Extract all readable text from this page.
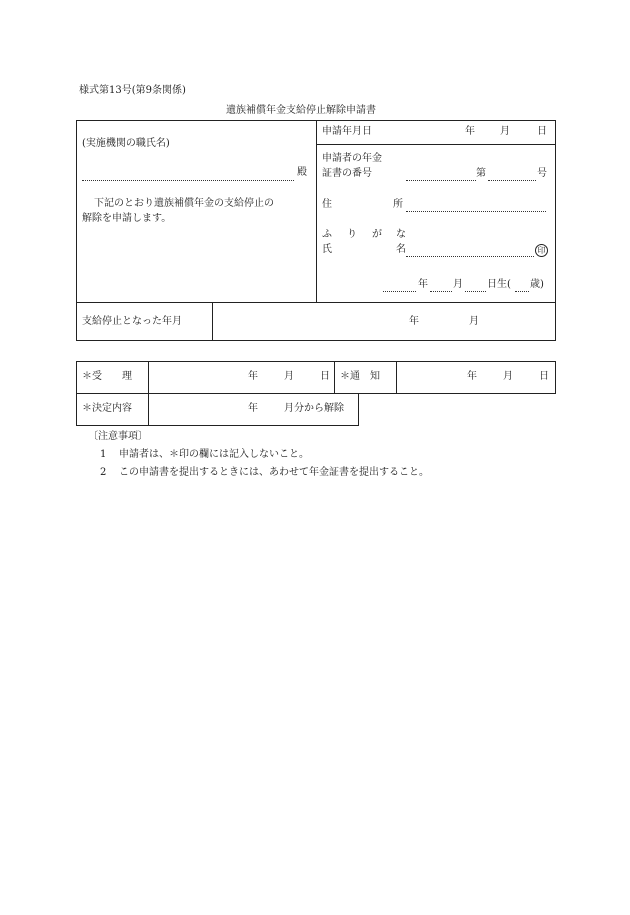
様式第13号(第9条関係)
遺族補償年金支給停止解除申請書
(実施機関の職氏名)
殿
下記のとおり遺族補償年金の支給停止の
解除を申請します。
申請年月日	年	月	日
申請者の年金
証書の番号	第	号
住	所
ふ り が な
氏	名	印
年	月 日生( 歳)
支給停止となった年月	年	月
＊受　　理	年	月	日 ＊通　知	年	月	日
＊決定内容	年	月分から解除
〔注意事項〕
1 申請者は、＊印の欄には記入しないこと。
2 この申請書を提出するときには、あわせて年金証書を提出すること。
